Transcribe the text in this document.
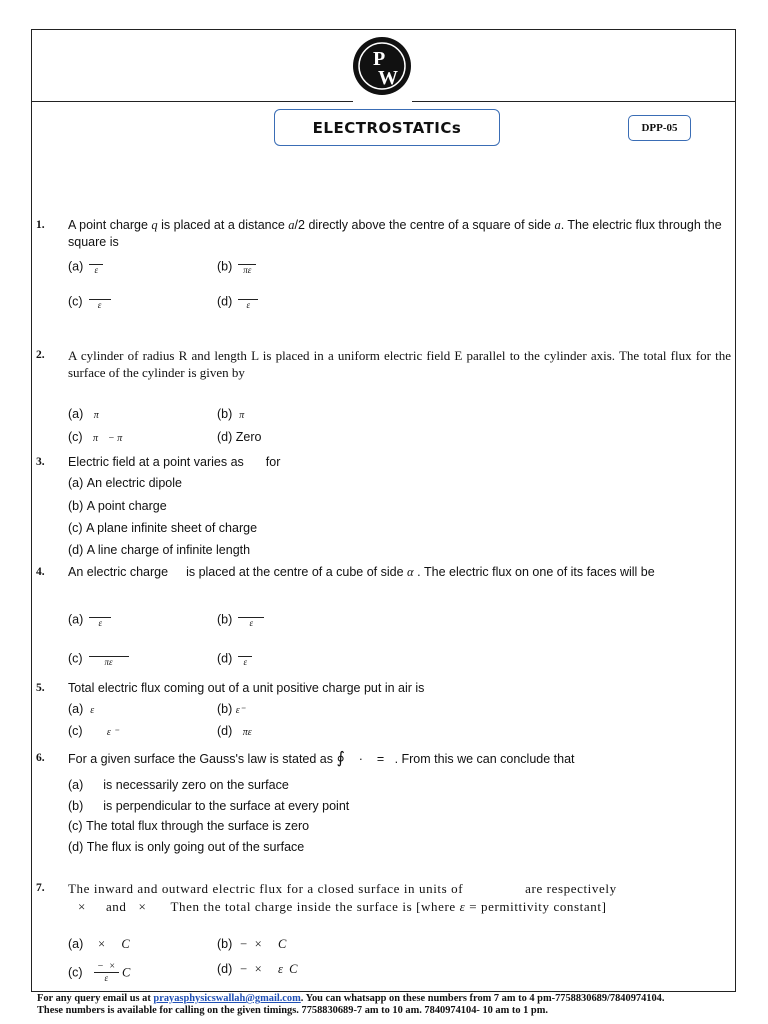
P
W
ELECTROSTATICs	DPP-05
1. A point charge q is placed at a distance a/2 directly above the centre of a square of side a. The electric flux through the square is
(a)	ε	(b)	πε
(c)	ε	(d)	ε
2. A cylinder of radius R and length L is placed in a uniform electric field E parallel to the cylinder axis. The total flux for the surface of the cylinder is given by
(a) π	(b) π
(c) π    − π	(d) Zero
3. Electric field at a point varies as for
(a) An electric dipole
(b) A point charge
(c) A plane infinite sheet of charge
(d) A line charge of infinite length
4. An electric charge is placed at the centre of a cube of side α . The electric flux on one of its faces will be
(a)	ε	(b)	ε
(c)	πε	(d)	ε
5. Total electric flux coming out of a unit positive charge put in air is
(a) ε	(b) ε⁻
(c) ε ⁻	(d) πε
6. For a given surface the Gauss's law is stated as ∮ · = . From this we can conclude that
(a) is necessarily zero on the surface
(b) is perpendicular to the surface at every point
(c) The total flux through the surface is zero
(d) The flux is only going out of the surface
7. The inward and outward electric flux for a closed surface in units of	are respectively
× and × Then the total charge inside the surface is [where ε = permittivity constant]
(a) ×     C	(b) −  ×     C
$(c) \frac{- \times}{\varepsilon}$ C	(d) −  ×     ε  C
For any query email us at prayasphysicswallah@gmail.com. You can whatsapp on these numbers from 7 am to 4 pm-7758830689/7840974104.
These numbers is available for calling on the given timings. 7758830689-7 am to 10 am. 7840974104- 10 am to 1 pm.
